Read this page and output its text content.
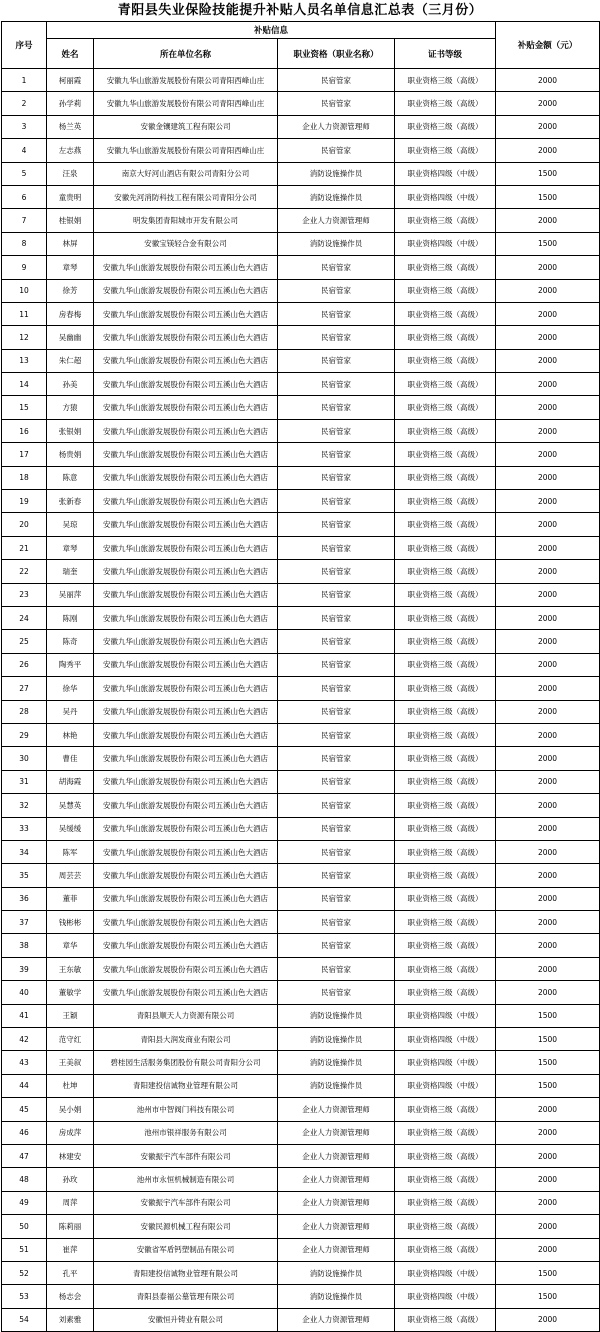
青阳县失业保险技能提升补贴人员名单信息汇总表（三月份）
序号	补贴信息				补贴金额（元）
	姓名	所在单位名称	职业资格（职业名称）	证书等级	
1	柯丽霞	安徽九华山旅游发展股份有限公司青阳西峰山庄	民宿管家	职业资格三级（高级）	2000
2	孙学莉	安徽九华山旅游发展股份有限公司青阳西峰山庄	民宿管家	职业资格三级（高级）	2000
3	杨兰英	安徽金镶建筑工程有限公司	企业人力资源管理师	职业资格三级（高级）	2000
4	左志燕	安徽九华山旅游发展股份有限公司青阳西峰山庄	民宿管家	职业资格三级（高级）	2000
5	汪泉	南京大好河山酒店有限公司青阳分公司	消防设施操作员	职业资格四级（中级）	1500
6	童贵明	安徽先河消防科技工程有限公司青阳分公司	消防设施操作员	职业资格四级（中级）	1500
7	桂银娟	明发集团青阳城市开发有限公司	企业人力资源管理师	职业资格三级（高级）	2000
8	林屏	安徽宝镁轻合金有限公司	消防设施操作员	职业资格四级（中级）	1500
9	章琴	安徽九华山旅游发展股份有限公司五溪山色大酒店	民宿管家	职业资格三级（高级）	2000
10	徐芳	安徽九华山旅游发展股份有限公司五溪山色大酒店	民宿管家	职业资格三级（高级）	2000
11	房春梅	安徽九华山旅游发展股份有限公司五溪山色大酒店	民宿管家	职业资格三级（高级）	2000
12	吴幽幽	安徽九华山旅游发展股份有限公司五溪山色大酒店	民宿管家	职业资格三级（高级）	2000
13	朱仁超	安徽九华山旅游发展股份有限公司五溪山色大酒店	民宿管家	职业资格三级（高级）	2000
14	孙美	安徽九华山旅游发展股份有限公司五溪山色大酒店	民宿管家	职业资格三级（高级）	2000
15	方猿	安徽九华山旅游发展股份有限公司五溪山色大酒店	民宿管家	职业资格三级（高级）	2000
16	张银娟	安徽九华山旅游发展股份有限公司五溪山色大酒店	民宿管家	职业资格三级（高级）	2000
17	杨贵娟	安徽九华山旅游发展股份有限公司五溪山色大酒店	民宿管家	职业资格三级（高级）	2000
18	陈意	安徽九华山旅游发展股份有限公司五溪山色大酒店	民宿管家	职业资格三级（高级）	2000
19	张新春	安徽九华山旅游发展股份有限公司五溪山色大酒店	民宿管家	职业资格三级（高级）	2000
20	吴琼	安徽九华山旅游发展股份有限公司五溪山色大酒店	民宿管家	职业资格三级（高级）	2000
21	章琴	安徽九华山旅游发展股份有限公司五溪山色大酒店	民宿管家	职业资格三级（高级）	2000
22	瑞奎	安徽九华山旅游发展股份有限公司五溪山色大酒店	民宿管家	职业资格三级（高级）	2000
23	吴丽萍	安徽九华山旅游发展股份有限公司五溪山色大酒店	民宿管家	职业资格三级（高级）	2000
24	陈刚	安徽九华山旅游发展股份有限公司五溪山色大酒店	民宿管家	职业资格三级（高级）	2000
25	陈奇	安徽九华山旅游发展股份有限公司五溪山色大酒店	民宿管家	职业资格三级（高级）	2000
26	陶秀平	安徽九华山旅游发展股份有限公司五溪山色大酒店	民宿管家	职业资格三级（高级）	2000
27	徐华	安徽九华山旅游发展股份有限公司五溪山色大酒店	民宿管家	职业资格三级（高级）	2000
28	吴丹	安徽九华山旅游发展股份有限公司五溪山色大酒店	民宿管家	职业资格三级（高级）	2000
29	林艳	安徽九华山旅游发展股份有限公司五溪山色大酒店	民宿管家	职业资格三级（高级）	2000
30	曹佳	安徽九华山旅游发展股份有限公司五溪山色大酒店	民宿管家	职业资格三级（高级）	2000
31	胡海霞	安徽九华山旅游发展股份有限公司五溪山色大酒店	民宿管家	职业资格三级（高级）	2000
32	吴慧英	安徽九华山旅游发展股份有限公司五溪山色大酒店	民宿管家	职业资格三级（高级）	2000
33	吴缓缓	安徽九华山旅游发展股份有限公司五溪山色大酒店	民宿管家	职业资格三级（高级）	2000
34	陈军	安徽九华山旅游发展股份有限公司五溪山色大酒店	民宿管家	职业资格三级（高级）	2000
35	周芸芸	安徽九华山旅游发展股份有限公司五溪山色大酒店	民宿管家	职业资格三级（高级）	2000
36	董菲	安徽九华山旅游发展股份有限公司五溪山色大酒店	民宿管家	职业资格三级（高级）	2000
37	钱彬彬	安徽九华山旅游发展股份有限公司五溪山色大酒店	民宿管家	职业资格三级（高级）	2000
38	章华	安徽九华山旅游发展股份有限公司五溪山色大酒店	民宿管家	职业资格三级（高级）	2000
39	王东敏	安徽九华山旅游发展股份有限公司五溪山色大酒店	民宿管家	职业资格三级（高级）	2000
40	董敏学	安徽九华山旅游发展股份有限公司五溪山色大酒店	民宿管家	职业资格三级（高级）	2000
41	王颖	青阳县顺天人力资源有限公司	消防设施操作员	职业资格四级（中级）	1500
42	范守红	青阳县大润发商业有限公司	消防设施操作员	职业资格四级（中级）	1500
43	王美叙	碧桂园生活服务集团股份有限公司青阳分公司	消防设施操作员	职业资格四级（中级）	1500
44	杜坤	青阳建投信诚物业管理有限公司	消防设施操作员	职业资格四级（中级）	1500
45	吴小娟	池州市中智阀门科技有限公司	企业人力资源管理师	职业资格三级（高级）	2000
46	房成萍	池州市银祥服务有限公司	企业人力资源管理师	职业资格三级（高级）	2000
47	林建安	安徽振宇汽车部件有限公司	企业人力资源管理师	职业资格三级（高级）	2000
48	孙玫	池州市永恒机械制造有限公司	企业人力资源管理师	职业资格三级（高级）	2000
49	周萍	安徽振宇汽车部件有限公司	企业人力资源管理师	职业资格三级（高级）	2000
50	陈莉丽	安徽民源机械工程有限公司	企业人力资源管理师	职业资格三级（高级）	2000
51	崔萍	安徽省军盾钙塑制品有限公司	企业人力资源管理师	职业资格三级（高级）	2000
52	孔平	青阳建投信诚物业管理有限公司	消防设施操作员	职业资格四级（中级）	1500
53	杨志会	青阳县泰福公墓管理有限公司	消防设施操作员	职业资格四级（中级）	1500
54	刘素雅	安徽恒升铸业有限公司	企业人力资源管理师	职业资格三级（高级）	2000
